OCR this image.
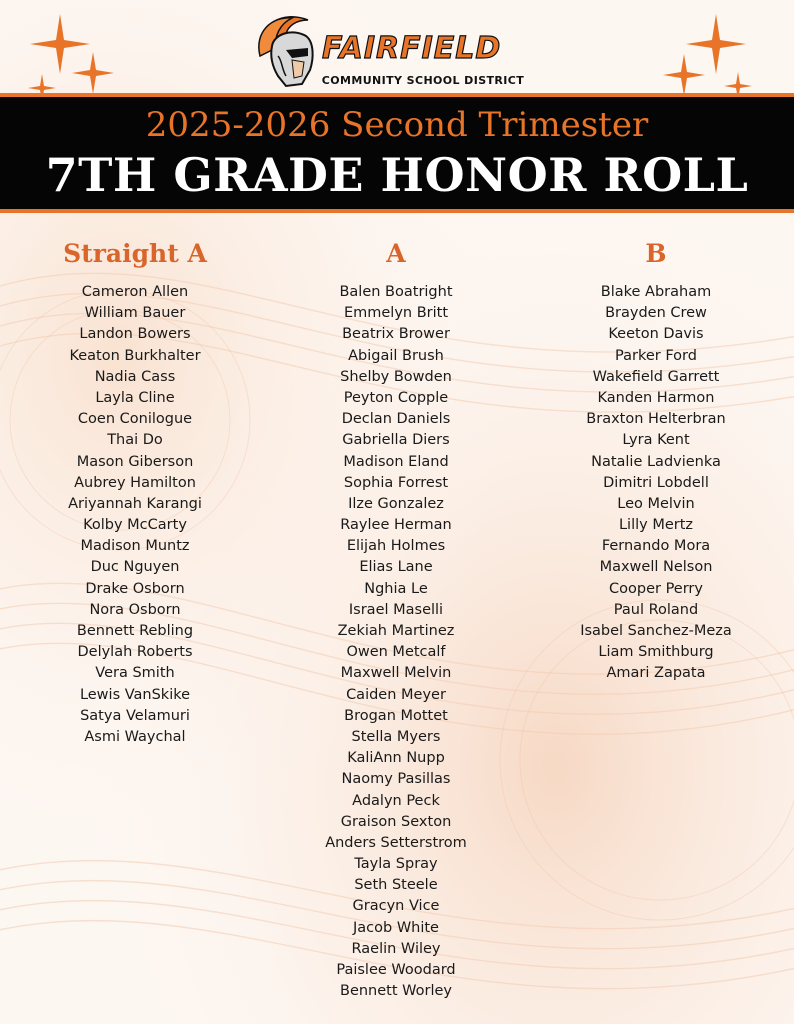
FAIRFIELD
COMMUNITY SCHOOL DISTRICT
2025-2026 Second Trimester
7TH GRADE HONOR ROLL
Straight A
Cameron Allen
William Bauer
Landon Bowers
Keaton Burkhalter
Nadia Cass
Layla Cline
Coen Conilogue
Thai Do
Mason Giberson
Aubrey Hamilton
Ariyannah Karangi
Kolby McCarty
Madison Muntz
Duc Nguyen
Drake Osborn
Nora Osborn
Bennett Rebling
Delylah Roberts
Vera Smith
Lewis VanSkike
Satya Velamuri
Asmi Waychal
A
Balen Boatright
Emmelyn Britt
Beatrix Brower
Abigail Brush
Shelby Bowden
Peyton Copple
Declan Daniels
Gabriella Diers
Madison Eland
Sophia Forrest
Ilze Gonzalez
Raylee Herman
Elijah Holmes
Elias Lane
Nghia Le
Israel Maselli
Zekiah Martinez
Owen Metcalf
Maxwell Melvin
Caiden Meyer
Brogan Mottet
Stella Myers
KaliAnn Nupp
Naomy Pasillas
Adalyn Peck
Graison Sexton
Anders Setterstrom
Tayla Spray
Seth Steele
Gracyn Vice
Jacob White
Raelin Wiley
Paislee Woodard
Bennett Worley
B
Blake Abraham
Brayden Crew
Keeton Davis
Parker Ford
Wakefield Garrett
Kanden Harmon
Braxton Helterbran
Lyra Kent
Natalie Ladvienka
Dimitri Lobdell
Leo Melvin
Lilly Mertz
Fernando Mora
Maxwell Nelson
Cooper Perry
Paul Roland
Isabel Sanchez-Meza
Liam Smithburg
Amari Zapata
